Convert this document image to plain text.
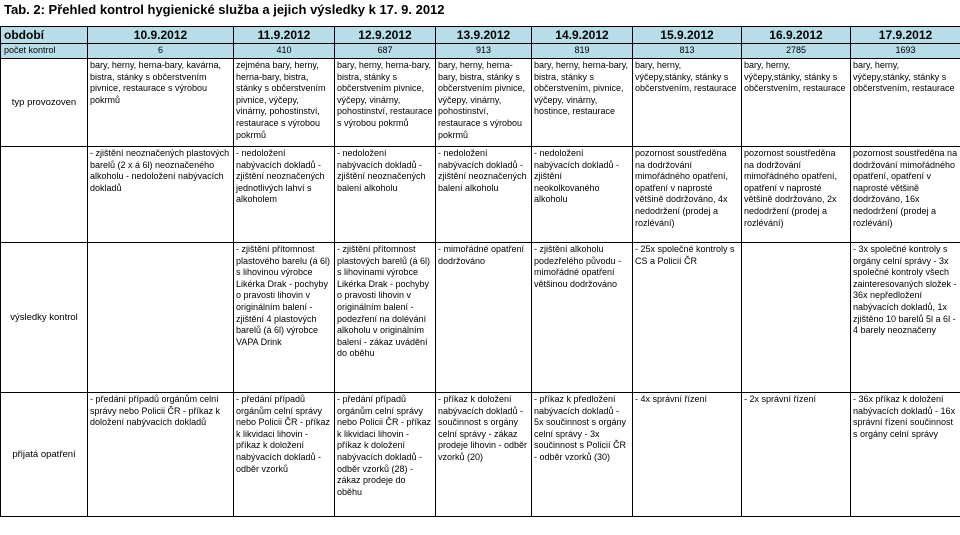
Tab. 2: Přehled kontrol hygienické služba a jejich výsledky k 17. 9. 2012
období	10.9.2012	11.9.2012	12.9.2012	13.9.2012	14.9.2012	15.9.2012	16.9.2012	17.9.2012
počet kontrol	6	410	687	913	819	813	2785	1693
typ provozoven	bary, herny, herna-bary, kavárna, bistra, stánky s občerstvením pivnice, restaurace s výrobou pokrmů	zejména bary, herny, herna-bary, bistra, stánky s občerstvením pivnice, výčepy, vinárny, pohostinství, restaurace s výrobou pokrmů	bary, herny, herna-bary, bistra, stánky s občerstvením pivnice, výčepy, vinárny, pohostinství, restaurace s výrobou pokrmů	bary, herny, herna-bary, bistra, stánky s občerstvením pivnice, výčepy, vinárny, pohostinství, restaurace s výrobou pokrmů	bary, herny, herna-bary, bistra, stánky s občerstvením, pivnice, výčepy, vinárny, hostince, restaurace	bary, herny, výčepy,stánky, stánky s občerstvením, restaurace	bary, herny, výčepy,stánky, stánky s občerstvením, restaurace	bary, herny, výčepy,stánky, stánky s občerstvením, restaurace
	- zjištění neoznačených plastových barelů (2 x á 6l) neoznačeného alkoholu - nedoložení nabývacích dokladů	- nedoložení nabývacích dokladů - zjištění neoznačených jednotlivých lahví s alkoholem	- nedoložení nabývacích dokladů - zjištění neoznačených balení alkoholu	- nedoložení nabývacích dokladů - zjištění neoznačených balení alkoholu	- nedoložení nabývacích dokladů - zjištění neokolkovaného alkoholu	pozornost soustředěna na dodržování mimořádného opatření, opatření v naprosté většině dodržováno, 4x nedodržení (prodej a rozlévání)	pozornost soustředěna na dodržování mimořádného opatření, opatření v naprosté většině dodržováno, 2x nedodržení (prodej a rozlévání)	pozornost soustředěna na dodržování mimořádného opatření, opatření v naprosté většině dodržováno, 16x nedodržení (prodej a rozlévání)
výsledky kontrol		- zjištění přítomnost plastového barelu (á 6l) s lihovinou výrobce Likérka Drak - pochyby o pravosti lihovin v originálním balení - zjištění 4 plastových barelů (á 6l) výrobce VAPA Drink	- zjištění přítomnost plastových barelů (á 6l) s lihovinami výrobce Likérka Drak - pochyby o pravosti lihovin v originálním balení - podezření na dolévání alkoholu v originálním balení - zákaz uvádění do oběhu	- mimořádné opatření dodržováno	- zjištění alkoholu podezřelého původu - mimořádné opatření většinou dodržováno	- 25x společné kontroly s CS a Policií ČR		- 3x společné kontroly s orgány celní správy - 3x společné kontroly všech zainteresovaných složek - 36x nepředložení nabývacích dokladů, 1x zjištěno 10 barelů 5l a 6l - 4 barely neoznačeny
přijatá opatření	- předání případů orgánům celní správy nebo Policii ČR - příkaz k doložení nabývacích dokladů	- předání případů orgánům celní správy nebo Policii ČR - příkaz k likvidaci lihovin - příkaz k doložení nabývacích dokladů - odběr vzorků	- předání případů orgánům celní správy nebo Policii ČR - příkaz k likvidaci lihovin - příkaz k doložení nabývacích dokladů - odběr vzorků (28) - zákaz prodeje do oběhu	- příkaz k doložení nabývacích dokladů - součinnost s orgány celní správy - zákaz prodeje lihovin - odběr vzorků (20)	- příkaz k předložení nabývacích dokladů - 5x součinnost s orgány celní správy - 3x součinnost s Policií ČR - odběr vzorků (30)	- 4x správní řízení	- 2x správní řízení	- 36x příkaz k doložení nabývacích dokladů - 16x správní řízení součinnost s orgány celní správy
